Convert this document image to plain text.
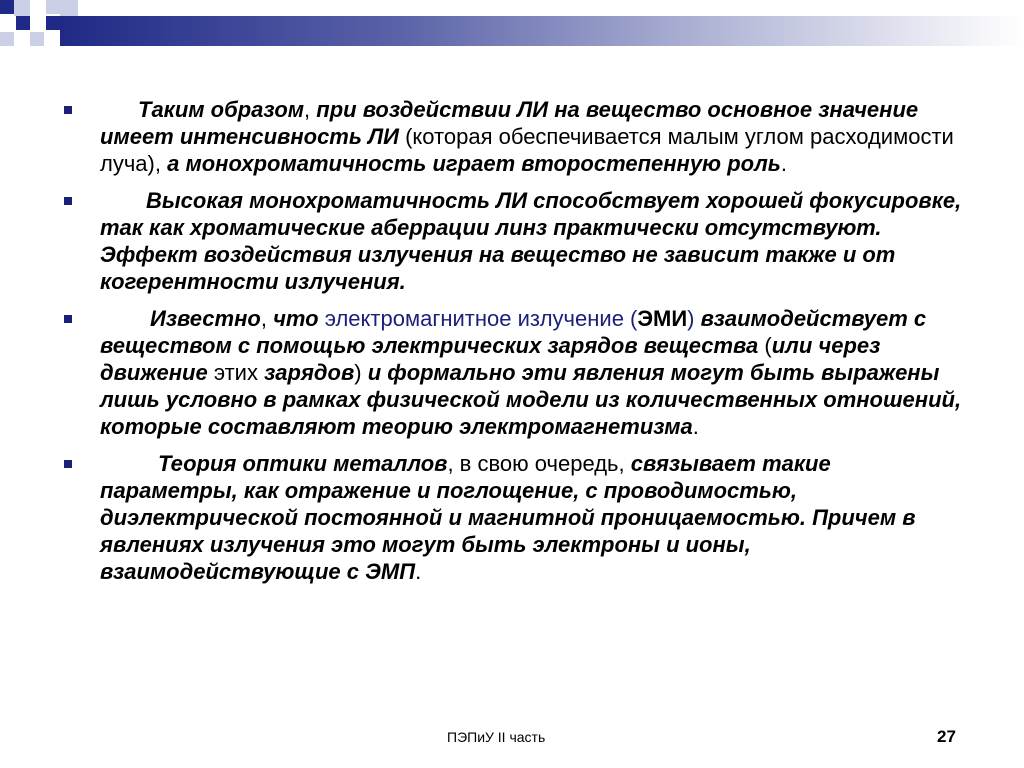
Таким образом, при воздействии ЛИ на вещество основное значение имеет интенсивность ЛИ (которая обеспечивается малым углом расходимости луча), а монохроматичность играет второстепенную роль.
Высокая монохроматичность ЛИ способствует хорошей фокусировке, так как хроматические аберрации линз практически отсутствуют. Эффект воздействия излучения на вещество не зависит также и от когерентности излучения.
Известно, что электромагнитное излучение (ЭМИ) взаимодействует с веществом с помощью электрических зарядов вещества (или через движение этих зарядов) и формально эти явления могут быть выражены лишь условно в рамках физической модели из количественных отношений, которые составляют теорию электромагнетизма.
Теория оптики металлов, в свою очередь, связывает такие параметры, как отражение и поглощение, с проводимостью, диэлектрической постоянной и магнитной проницаемостью. Причем в явлениях излучения это могут быть электроны и ионы, взаимодействующие с ЭМП.
ПЭПиУ II часть	27
